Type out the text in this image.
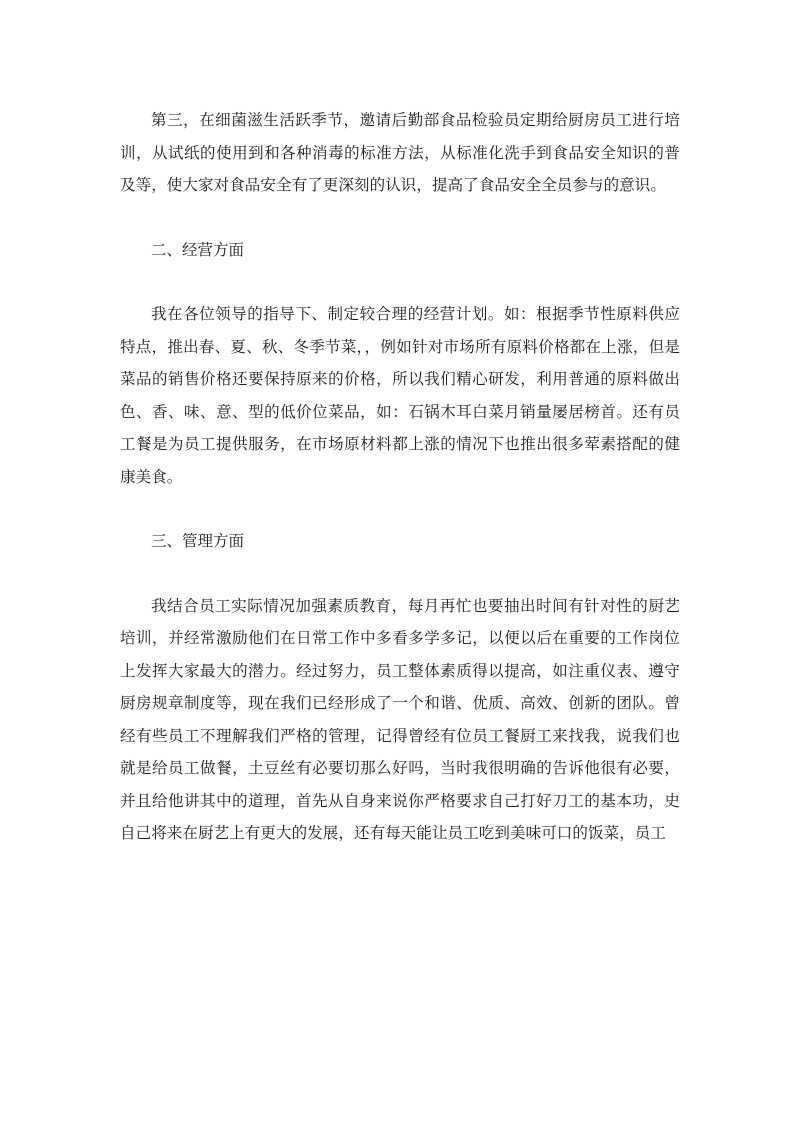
第三，在细菌滋生活跃季节，邀请后勤部食品检验员定期给厨房员工进行培训，从试纸的使用到和各种消毒的标准方法，从标准化洗手到食品安全知识的普及等，使大家对食品安全有了更深刻的认识，提高了食品安全全员参与的意识。

二、经营方面

我在各位领导的指导下、制定较合理的经营计划。如：根据季节性原料供应特点，推出春、夏、秋、冬季节菜，，例如针对市场所有原料价格都在上涨，但是菜品的销售价格还要保持原来的价格，所以我们精心研发，利用普通的原料做出色、香、味、意、型的低价位菜品，如：石锅木耳白菜月销量屡居榜首。还有员工餐是为员工提供服务，在市场原材料都上涨的情况下也推出很多荤素搭配的健康美食。

三、管理方面

我结合员工实际情况加强素质教育，每月再忙也要抽出时间有针对性的厨艺培训，并经常激励他们在日常工作中多看多学多记，以便以后在重要的工作岗位上发挥大家最大的潜力。经过努力，员工整体素质得以提高，如注重仪表、遵守厨房规章制度等，现在我们已经形成了一个和谐、优质、高效、创新的团队。曾经有些员工不理解我们严格的管理，记得曾经有位员工餐厨工来找我，说我们也就是给员工做餐，土豆丝有必要切那么好吗，当时我很明确的告诉他很有必要，并且给他讲其中的道理，首先从自身来说你严格要求自己打好刀工的基本功，史自己将来在厨艺上有更大的发展，还有每天能让员工吃到美味可口的饭菜，员工
